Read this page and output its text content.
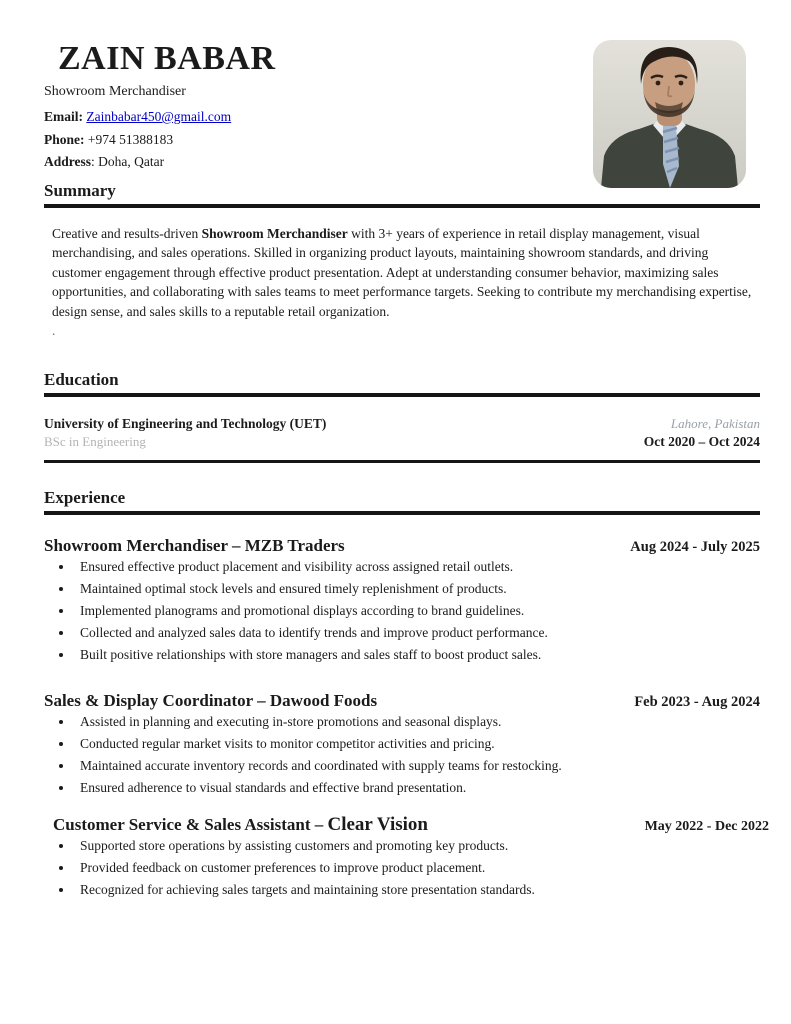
ZAIN BABAR
Showroom Merchandiser
Email: Zainbabar450@gmail.com
Phone: +974 51388183
Address: Doha, Qatar
Summary

Creative and results-driven Showroom Merchandiser with 3+ years of experience in retail display management, visual merchandising, and sales operations. Skilled in organizing product layouts, maintaining showroom standards, and driving customer engagement through effective product presentation. Adept at understanding consumer behavior, maximizing sales opportunities, and collaborating with sales teams to meet performance targets. Seeking to contribute my merchandising expertise, design sense, and sales skills to a reputable retail organization.

.
Education
University of Engineering and Technology (UET)	Lahore, Pakistan
BSc in Engineering	Oct 2020 – Oct 2024
Experience
Showroom Merchandiser – MZB Traders	Aug 2024 - July 2025
• Ensured effective product placement and visibility across assigned retail outlets.
• Maintained optimal stock levels and ensured timely replenishment of products.
• Implemented planograms and promotional displays according to brand guidelines.
• Collected and analyzed sales data to identify trends and improve product performance.
• Built positive relationships with store managers and sales staff to boost product sales.
Sales & Display Coordinator – Dawood Foods	Feb 2023 - Aug 2024
• Assisted in planning and executing in-store promotions and seasonal displays.
• Conducted regular market visits to monitor competitor activities and pricing.
• Maintained accurate inventory records and coordinated with supply teams for restocking.
• Ensured adherence to visual standards and effective brand presentation.
Customer Service & Sales Assistant – Clear Vision	May 2022 - Dec 2022
• Supported store operations by assisting customers and promoting key products.
• Provided feedback on customer preferences to improve product placement.
• Recognized for achieving sales targets and maintaining store presentation standards.
